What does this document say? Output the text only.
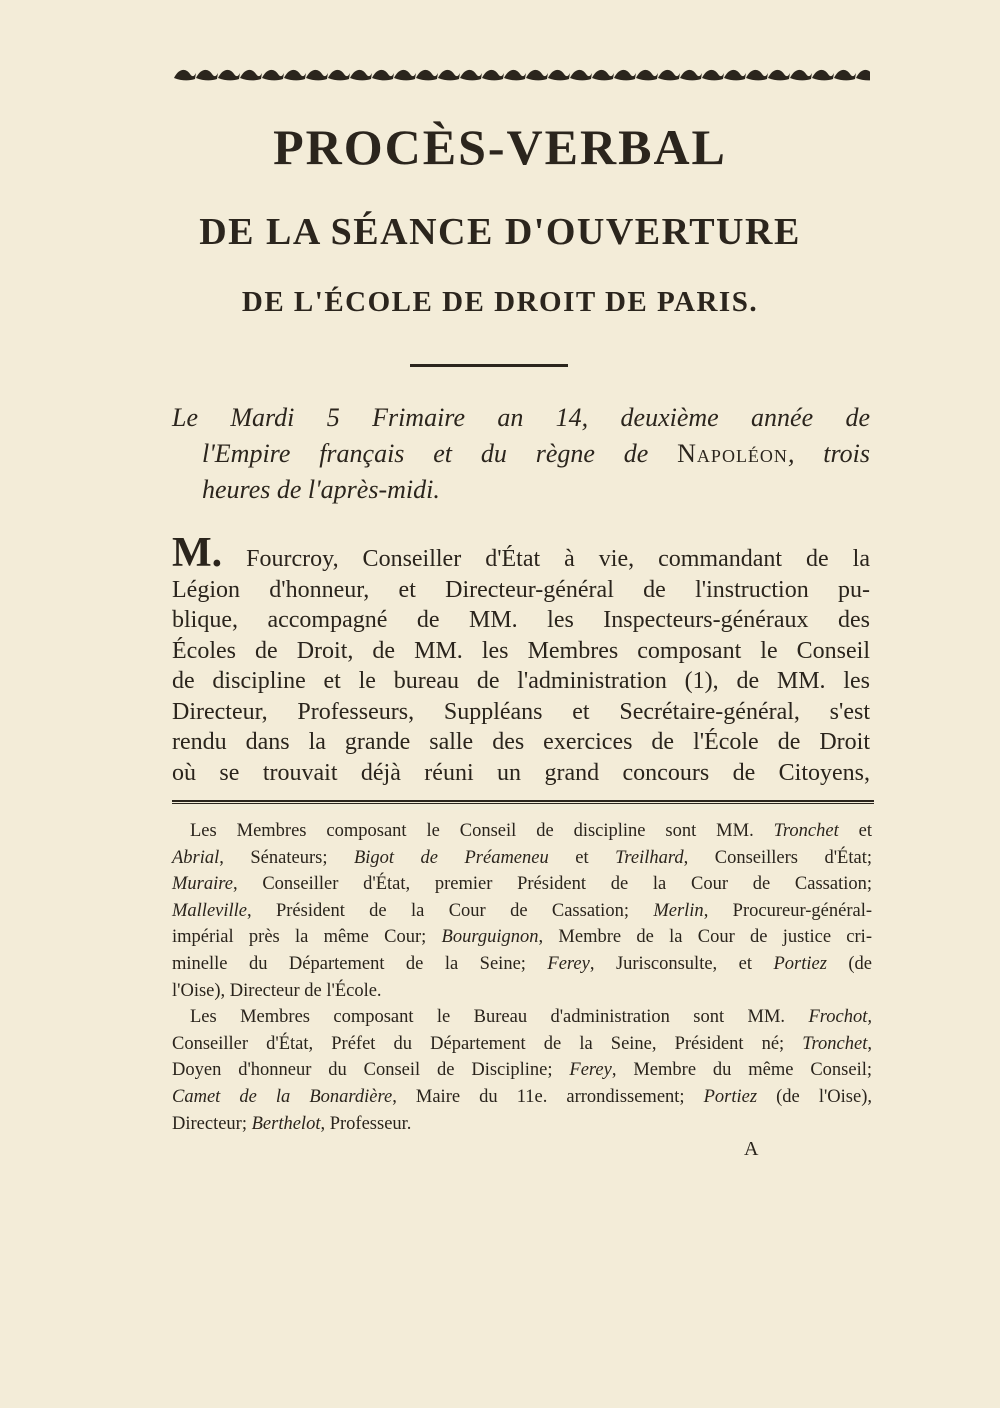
PROCÈS-VERBAL
DE LA SÉANCE D'OUVERTURE
DE L'ÉCOLE DE DROIT DE PARIS.
Le Mardi 5 Frimaire an 14, deuxième année de
l'Empire français et du règne de Napoléon, trois
heures de l'après-midi.
M. Fourcroy, Conseiller d'État à vie, commandant de la
Légion d'honneur, et Directeur-général de l'instruction pu-
blique, accompagné de MM. les Inspecteurs-généraux des
Écoles de Droit, de MM. les Membres composant le Conseil
de discipline et le bureau de l'administration (1), de MM. les
Directeur, Professeurs, Suppléans et Secrétaire-général, s'est
rendu dans la grande salle des exercices de l'École de Droit
où se trouvait déjà réuni un grand concours de Citoyens,
Les Membres composant le Conseil de discipline sont MM. Tronchet et
Abrial, Sénateurs; Bigot de Préameneu et Treilhard, Conseillers d'État;
Muraire, Conseiller d'État, premier Président de la Cour de Cassation;
Malleville, Président de la Cour de Cassation; Merlin, Procureur-général-
impérial près la même Cour; Bourguignon, Membre de la Cour de justice cri-
minelle du Département de la Seine; Ferey, Jurisconsulte, et Portiez (de
l'Oise), Directeur de l'École.
Les Membres composant le Bureau d'administration sont MM. Frochot,
Conseiller d'État, Préfet du Département de la Seine, Président né; Tronchet,
Doyen d'honneur du Conseil de Discipline; Ferey, Membre du même Conseil;
Camet de la Bonardière, Maire du 11e. arrondissement; Portiez (de l'Oise),
Directeur; Berthelot, Professeur.
A
